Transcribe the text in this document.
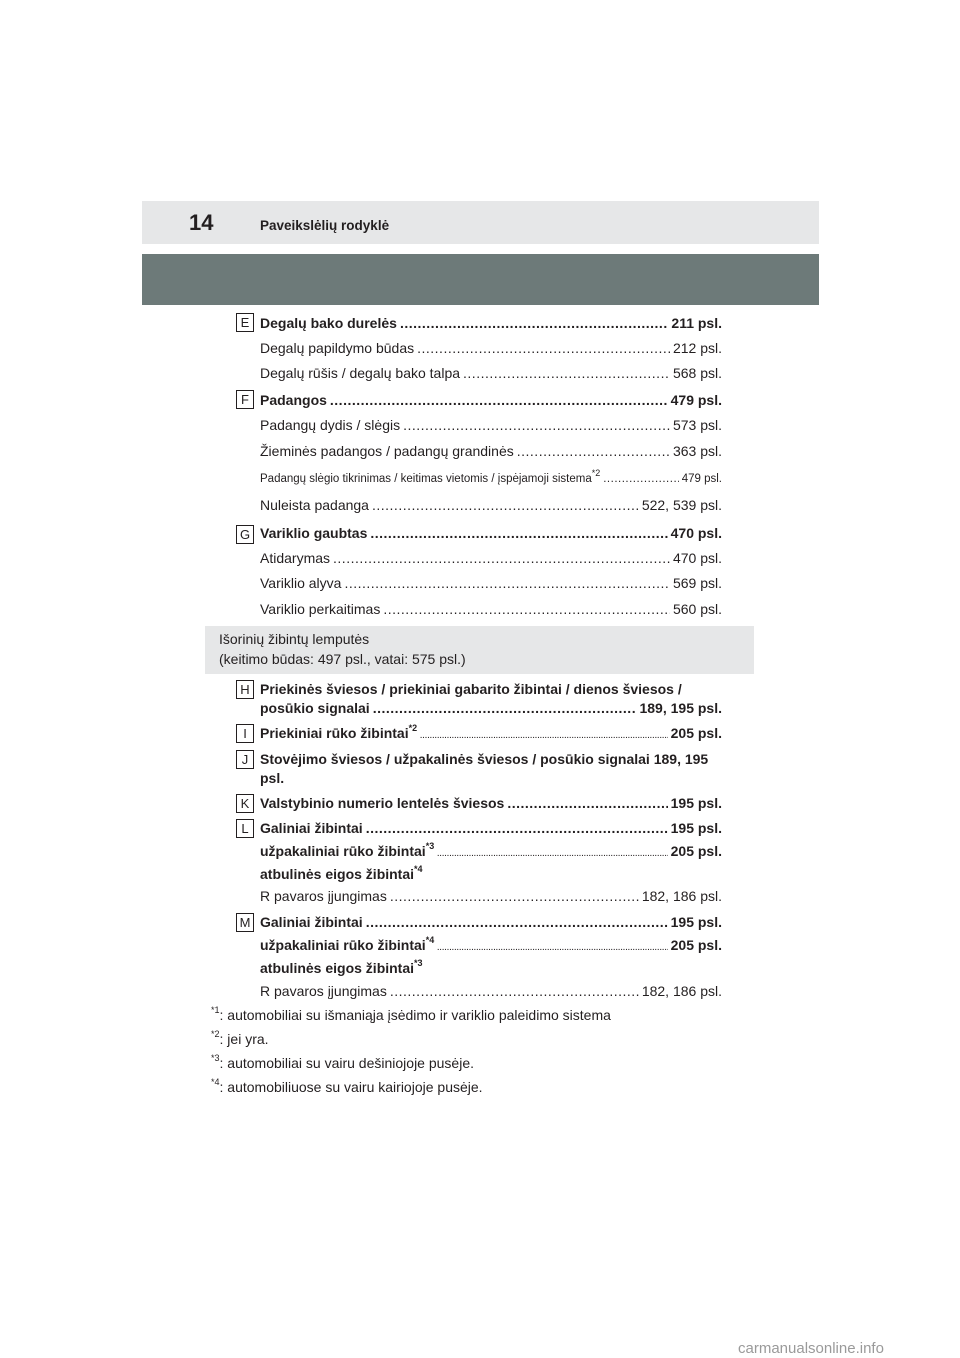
14	Paveikslėlių rodyklė
E Degalų bako durelės .....	211 psl.
Degalų papildymo būdas .....	212 psl.
Degalų rūšis / degalų bako talpa .....	568 psl.
F Padangos .....	479 psl.
Padangų dydis / slėgis .....	573 psl.
Žieminės padangos / padangų grandinės .....	363 psl.
Padangų slėgio tikrinimas / keitimas vietomis / įspėjamoji sistema$^{*2}$ .....	479 psl.
Nuleista padanga .....	522, 539 psl.
G Variklio gaubtas .....	470 psl.
Atidarymas .....	470 psl.
Variklio alyva .....	569 psl.
Variklio perkaitimas .....	560 psl.

Išorinių žibintų lemputės

(keitimo būdas: 497 psl., vatai: 575 psl.)

H Priekinės šviesos / priekiniai gabarito žibintai / dienos šviesos /
posūkio signalai .....	189, 195 psl.
I Priekiniai rūko žibintai$^{*2}$ .....	205 psl.
J Stovėjimo šviesos / užpakalinės šviesos / posūkio signalai 189, 195
psl.
K Valstybinio numerio lentelės šviesos .....	195 psl.
L Galiniai žibintai .....	195 psl.
užpakaliniai rūko žibintai$^{*3}$ .....	205 psl.
atbulinės eigos žibintai$^{*4}$
R pavaros įjungimas .....	182, 186 psl.
M Galiniai žibintai .....	195 psl.
užpakaliniai rūko žibintai$^{*4}$ .....	205 psl.
atbulinės eigos žibintai$^{*3}$
R pavaros įjungimas .....	182, 186 psl.
$^{*1}$: automobiliai su išmaniąja įsėdimo ir variklio paleidimo sistema
$^{*2}$: jei yra.
$^{*3}$: automobiliai su vairu dešiniojoje pusėje.
$^{*4}$: automobiliuose su vairu kairiojoje pusėje.
carmanualsonline.info
